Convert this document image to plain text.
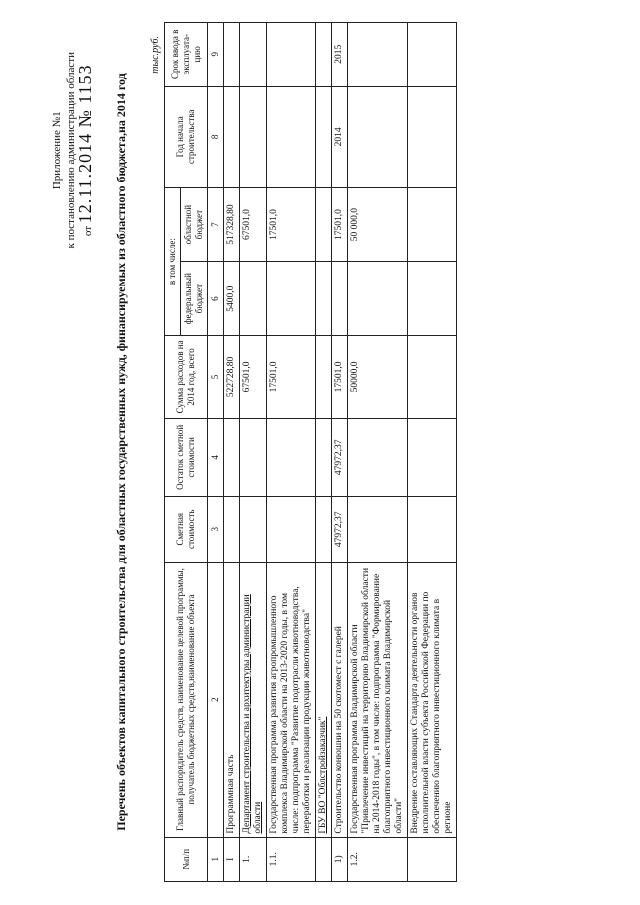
Приложение №1 к постановлению администрации области от 12.11.2014 № 1153 Перечень объектов капитального строительства для областных государственных нужд, финансируемых из областного бюджета,на 2014 год
тыс.руб.
№п/п	Главный распорядитель средств, наименование целевой программы, получатель бюджетных средств,наименование объекта	Сметная стоимость	Остаток сметной стоимости	Сумма расходов на 2014 год, всего	в том числе:		Год начала строительства	Срок ввода в эксплуата-цию
					федеральный бюджет	областной бюджет		
1	2	3	4	5	6	7	8	9
I	Программная часть			522728,80	5400,0	517328,80		
1.	Департамент строительства и архитектуры администрации области			67501,0		67501,0		
1.1.	Государственная программа развития агропромышленного комплекса Владимирской области на 2013-2020 годы, в том числе: подпрограмма "Развитие подотрасли животноводства, переработки и реализации продукции животноводства"			17501,0		17501,0		
	ГБУ ВО "Облстройзаказчик"							
1)	Строительство конюшни на 50 скотомест с галерей	47972,37	47972,37	17501,0		17501,0	2014	2015
1.2.	Государственная программа Владимирской области "Привлечение инвестиций на территорию Владимирской области на 2014-2018 годы", в том числе: подпрограмма "Формирование благоприятного инвестиционного климата Владимирской области"			50000,0		50 000,0		
	Внедрение составляющих Стандарта деятельности органов исполнительной власти субъекта Российской Федерации по обеспечению благоприятного инвестиционного климата в регионе							
